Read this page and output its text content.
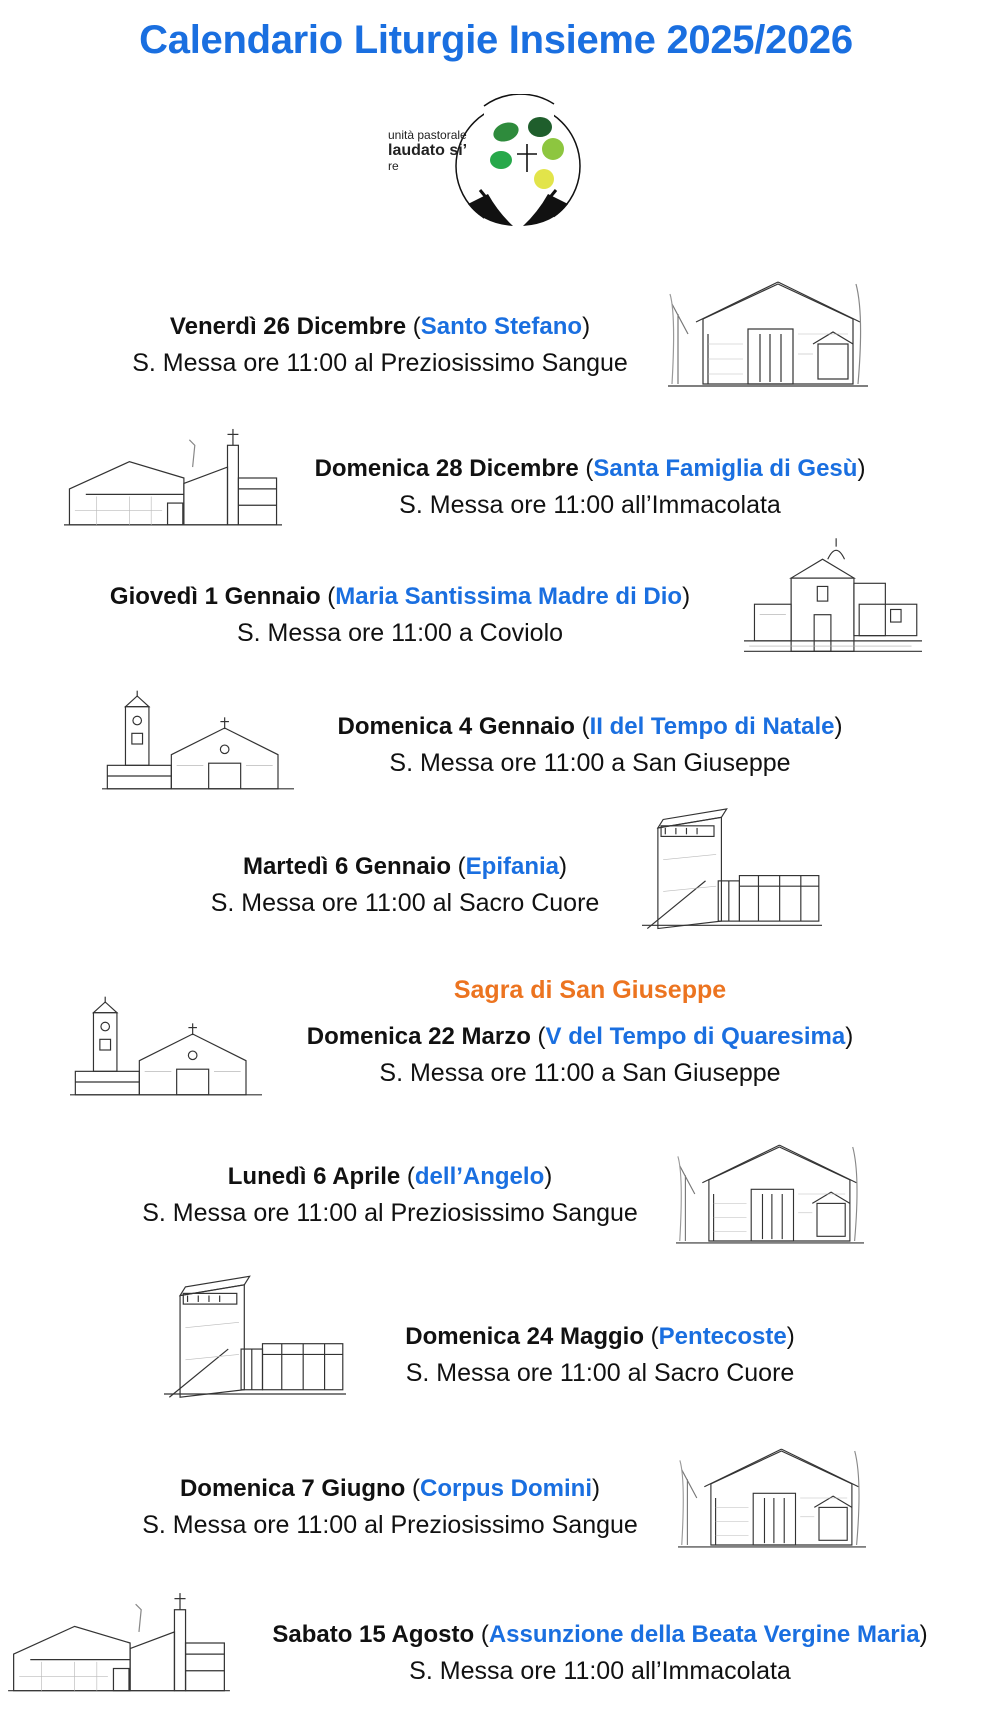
Calendario Liturgie Insieme 2025/2026
unità pastorale
laudato si’
re
Venerdì 26 Dicembre (Santo Stefano)
S. Messa ore 11:00 al Preziosissimo Sangue
Domenica 28 Dicembre (Santa Famiglia di Gesù)
S. Messa ore 11:00 all’Immacolata
Giovedì 1 Gennaio (Maria Santissima Madre di Dio)
S. Messa ore 11:00 a Coviolo
Domenica 4 Gennaio (II del Tempo di Natale)
S. Messa ore 11:00 a San Giuseppe
Martedì 6 Gennaio (Epifania)
S. Messa ore 11:00 al Sacro Cuore
Sagra di San Giuseppe
Domenica 22 Marzo (V del Tempo di Quaresima)
S. Messa ore 11:00 a San Giuseppe
Lunedì 6 Aprile (dell’Angelo)
S. Messa ore 11:00 al Preziosissimo Sangue
Domenica 24 Maggio (Pentecoste)
S. Messa ore 11:00 al Sacro Cuore
Domenica 7 Giugno (Corpus Domini)
S. Messa ore 11:00 al Preziosissimo Sangue
Sabato 15 Agosto (Assunzione della Beata Vergine Maria)
S. Messa ore 11:00 all’Immacolata
